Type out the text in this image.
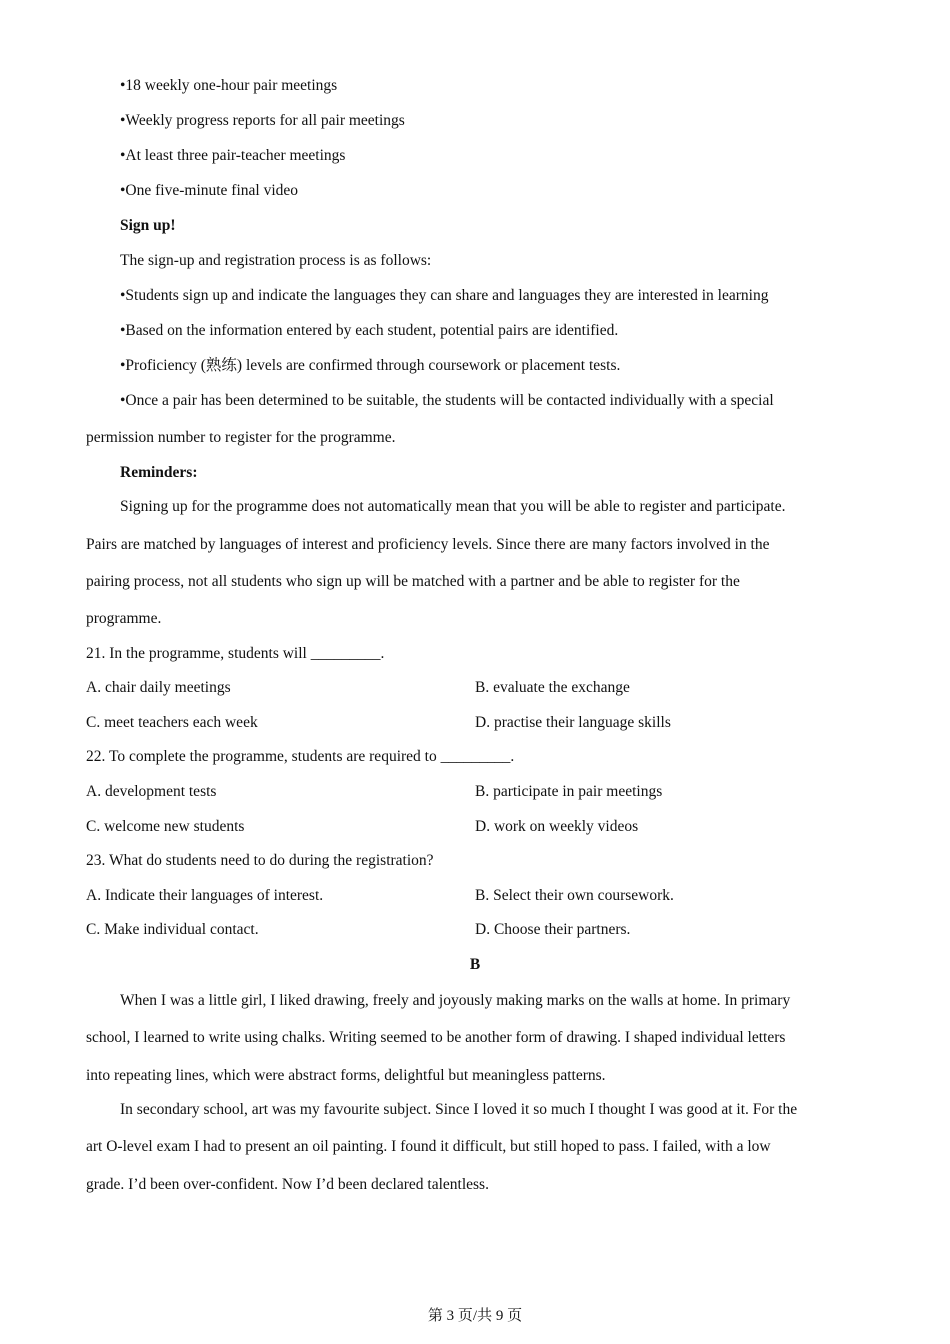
•18 weekly one-hour pair meetings
•Weekly progress reports for all pair meetings
•At least three pair-teacher meetings
•One five-minute final video
Sign up!
The sign-up and registration process is as follows:
•Students sign up and indicate the languages they can share and languages they are interested in learning
•Based on the information entered by each student, potential pairs are identified.
•Proficiency (熟练) levels are confirmed through coursework or placement tests.
•Once a pair has been determined to be suitable, the students will be contacted individually with a special
permission number to register for the programme.
Reminders:
Signing up for the programme does not automatically mean that you will be able to register and participate.
Pairs are matched by languages of interest and proficiency levels. Since there are many factors involved in the
pairing process, not all students who sign up will be matched with a partner and be able to register for the
programme.
21. In the programme, students will _________.
A. chair daily meetings	B. evaluate the exchange
C. meet teachers each week	D. practise their language skills
22. To complete the programme, students are required to _________.
A. development tests	B. participate in pair meetings
C. welcome new students	D. work on weekly videos
23. What do students need to do during the registration?
A. Indicate their languages of interest.	B. Select their own coursework.
C. Make individual contact.	D. Choose their partners.
B
When I was a little girl, I liked drawing, freely and joyously making marks on the walls at home. In primary
school, I learned to write using chalks. Writing seemed to be another form of drawing. I shaped individual letters
into repeating lines, which were abstract forms, delightful but meaningless patterns.
In secondary school, art was my favourite subject. Since I loved it so much I thought I was good at it. For the
art O-level exam I had to present an oil painting. I found it difficult, but still hoped to pass. I failed, with a low
grade. I’d been over-confident. Now I’d been declared talentless.
第 3 页/共 9 页
